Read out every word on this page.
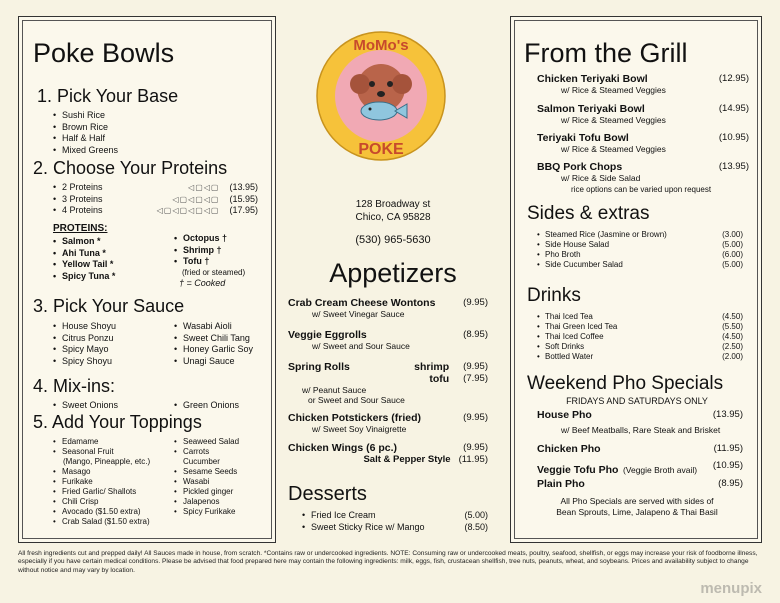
Poke Bowls
1. Pick Your Base
• Sushi Rice
• Brown Rice
• Half & Half
• Mixed Greens
2. Choose Your Proteins
• 2 Proteins	◁▢◁▢ (13.95)
• 3 Proteins	◁▢◁▢◁▢ (15.95)
• 4 Proteins	◁▢◁▢◁▢◁▢ (17.95)
PROTEINS:
• Salmon *
• Ahi Tuna *
• Yellow Tail *
• Spicy Tuna *
• Octopus †
• Shrimp †
• Tofu †
(fried or steamed)
† = Cooked
3. Pick Your Sauce
• House Shoyu
• Citrus Ponzu
• Spicy Mayo
• Spicy Shoyu
• Wasabi Aioli
• Sweet Chili Tang
• Honey Garlic Soy
• Unagi Sauce
4. Mix-ins:
• Sweet Onions
•	Green Onions
5. Add Your Toppings
• Edamame
• Seasonal Fruit
(Mango, Pineapple, etc.)
• Masago
• Furikake
• Fried Garlic/ Shallots
• Chili Crisp
• Avocado ($1.50 extra)
• Crab Salad ($1.50 extra)
• Seaweed Salad
• Carrots
Cucumber
• Sesame Seeds
• Wasabi
• Pickled ginger
• Jalapenos
• Spicy Furikake
MoMo's
POKE
128 Broadway st
Chico, CA 95828
(530) 965-5630
Appetizers
Crab Cream Cheese Wontons	(9.95)
w/ Sweet Vinegar Sauce
Veggie Eggrolls	(8.95)
w/ Sweet and Sour Sauce
Spring Rolls	shrimp (9.95)
tofu (7.95)
w/ Peanut Sauce
or Sweet and Sour Sauce
Chicken Potstickers (fried)	(9.95)
w/ Sweet Soy Vinaigrette
Chicken Wings (6 pc.)	(9.95)
Salt & Pepper Style (11.95)
Desserts
• Fried Ice Cream	(5.00)
• Sweet Sticky Rice w/ Mango	(8.50)
From the Grill
Chicken Teriyaki Bowl	(12.95)
w/ Rice & Steamed Veggies
Salmon Teriyaki Bowl	(14.95)
w/ Rice & Steamed Veggies
Teriyaki Tofu Bowl	(10.95)
w/ Rice & Steamed Veggies
BBQ Pork Chops	(13.95)
w/ Rice & Side Salad
rice options can be varied upon request
Sides & extras
• Steamed Rice (Jasmine or Brown)	(3.00)
• Side House Salad	(5.00)
• Pho Broth	(6.00)
• Side Cucumber Salad	(5.00)
Drinks
• Thai Iced Tea	(4.50)
• Thai Green Iced Tea	(5.50)
• Thai Iced Coffee	(4.50)
• Soft Drinks	(2.50)
• Bottled Water	(2.00)
Weekend Pho Specials
FRIDAYS AND SATURDAYS ONLY
House Pho	(13.95)
w/ Beef Meatballs, Rare Steak and Brisket
Chicken Pho	(11.95)
Veggie Tofu Pho (Veggie Broth avail) (10.95)
Plain Pho	(8.95)
All Pho Specials are served with sides of
Bean Sprouts, Lime, Jalapeno & Thai Basil
All fresh ingredients cut and prepped daily! All Sauces made in house, from scratch. *Contains raw or undercooked ingredients. NOTE: Consuming raw or undercooked meats, poultry, seafood, shellfish, or eggs may increase your risk of foodborne illness, especially if you have certain medical conditions. Please be advised that food prepared here may contain the following ingredients: milk, eggs, fish, crustacean shellfish, tree nuts, peanuts, wheat, and soybeans. Prices and availability subject to change without notice and may vary by location.
menupix
